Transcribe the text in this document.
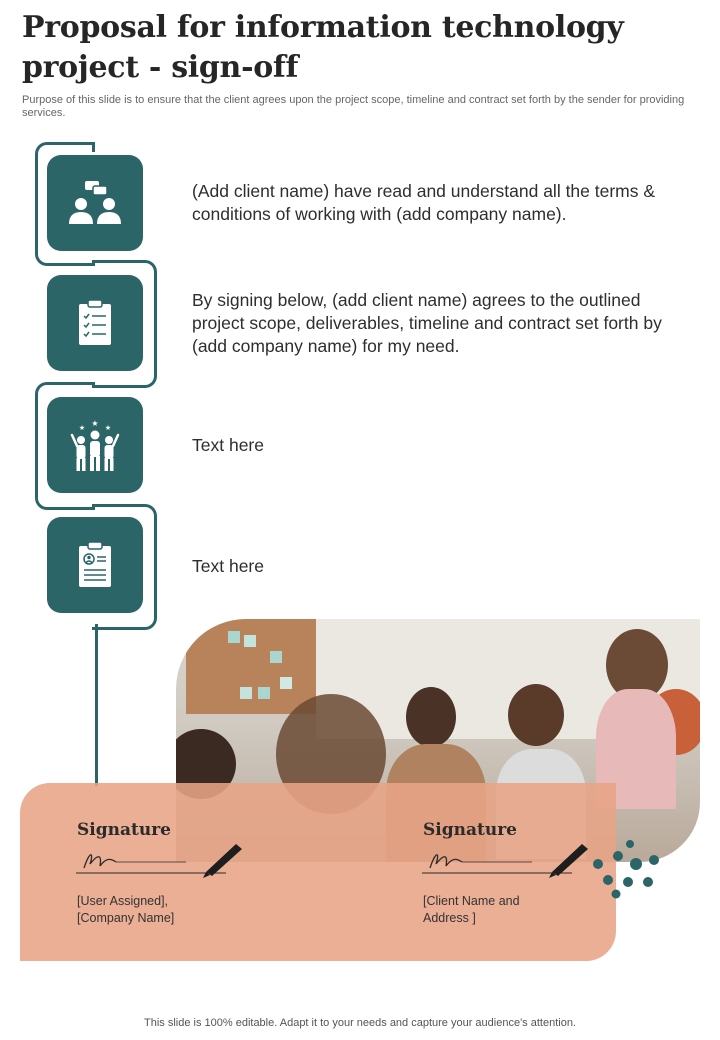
Proposal for information technology project - sign-off
Purpose of this slide is to ensure that the client agrees upon the project scope, timeline and contract set forth by the sender for providing services.
(Add client name) have read and understand all the terms & conditions of working with (add company name).
By signing below, (add client name) agrees to the outlined project scope, deliverables, timeline and contract set forth by (add company name) for my need.
★
★	★
Text here
Text here
Signature
[User Assigned],
[Company Name]
Signature
[Client Name and
Address ]
This slide is 100% editable. Adapt it to your needs and capture your audience's attention.
